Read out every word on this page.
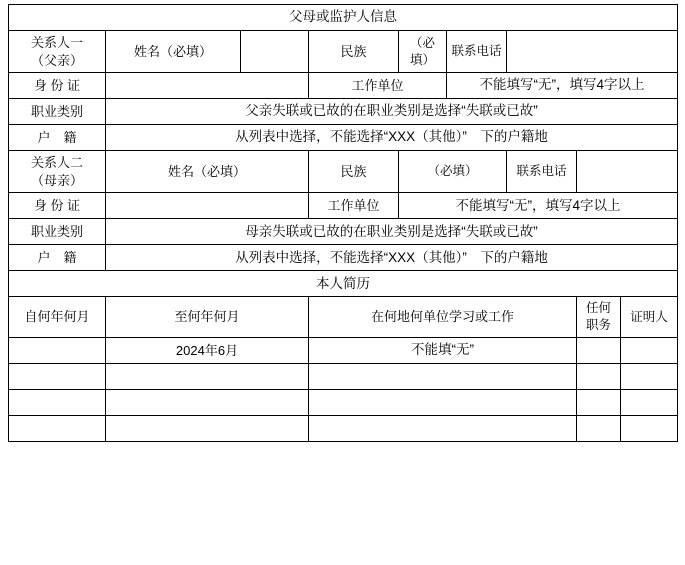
父母或监护人信息								
关系人一
（父亲）	姓名（必填）		民族	（必填）	联系电话			
身 份 证			工作单位		不能填写“无”，填写4字以上			
职业类别	父亲失联或已故的在职业类别是选择“失联或已故”							
户　籍	从列表中选择，不能选择“XXX（其他）”　下的户籍地							
关系人二
（母亲）	姓名（必填）		民族	（必填）		联系电话		
身 份 证			工作单位	不能填写“无”，填写4字以上				
职业类别	母亲失联或已故的在职业类别是选择“失联或已故”							
户　籍	从列表中选择，不能选择“XXX（其他）”　下的户籍地							
本人简历								
自何年何月	至何年何月		在何地何单位学习或工作				任何职务	证明人
	2024年6月		不能填“无”					
